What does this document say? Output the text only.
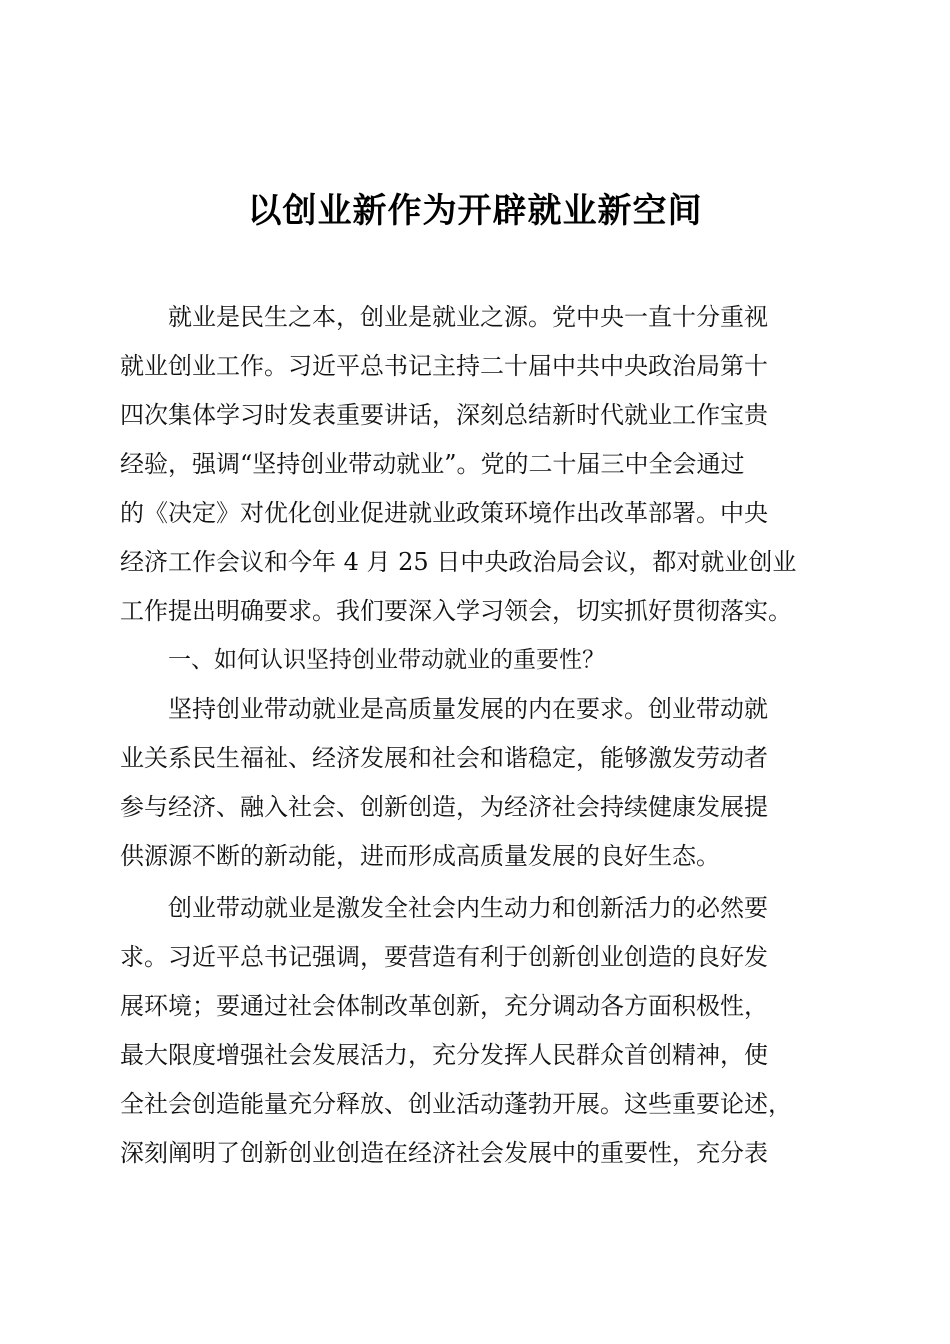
以创业新作为开辟就业新空间
就业是民生之本，创业是就业之源。党中央一直十分重视
就业创业工作。习近平总书记主持二十届中共中央政治局第十
四次集体学习时发表重要讲话，深刻总结新时代就业工作宝贵
经验，强调“坚持创业带动就业”。党的二十届三中全会通过
的《决定》对优化创业促进就业政策环境作出改革部署。中央
经济工作会议和今年 4 月 25 日中央政治局会议，都对就业创业
工作提出明确要求。我们要深入学习领会，切实抓好贯彻落实。
一、如何认识坚持创业带动就业的重要性？
坚持创业带动就业是高质量发展的内在要求。创业带动就
业关系民生福祉、经济发展和社会和谐稳定，能够激发劳动者
参与经济、融入社会、创新创造，为经济社会持续健康发展提
供源源不断的新动能，进而形成高质量发展的良好生态。
创业带动就业是激发全社会内生动力和创新活力的必然要
求。习近平总书记强调，要营造有利于创新创业创造的良好发
展环境；要通过社会体制改革创新，充分调动各方面积极性，
最大限度增强社会发展活力，充分发挥人民群众首创精神，使
全社会创造能量充分释放、创业活动蓬勃开展。这些重要论述，
深刻阐明了创新创业创造在经济社会发展中的重要性，充分表
